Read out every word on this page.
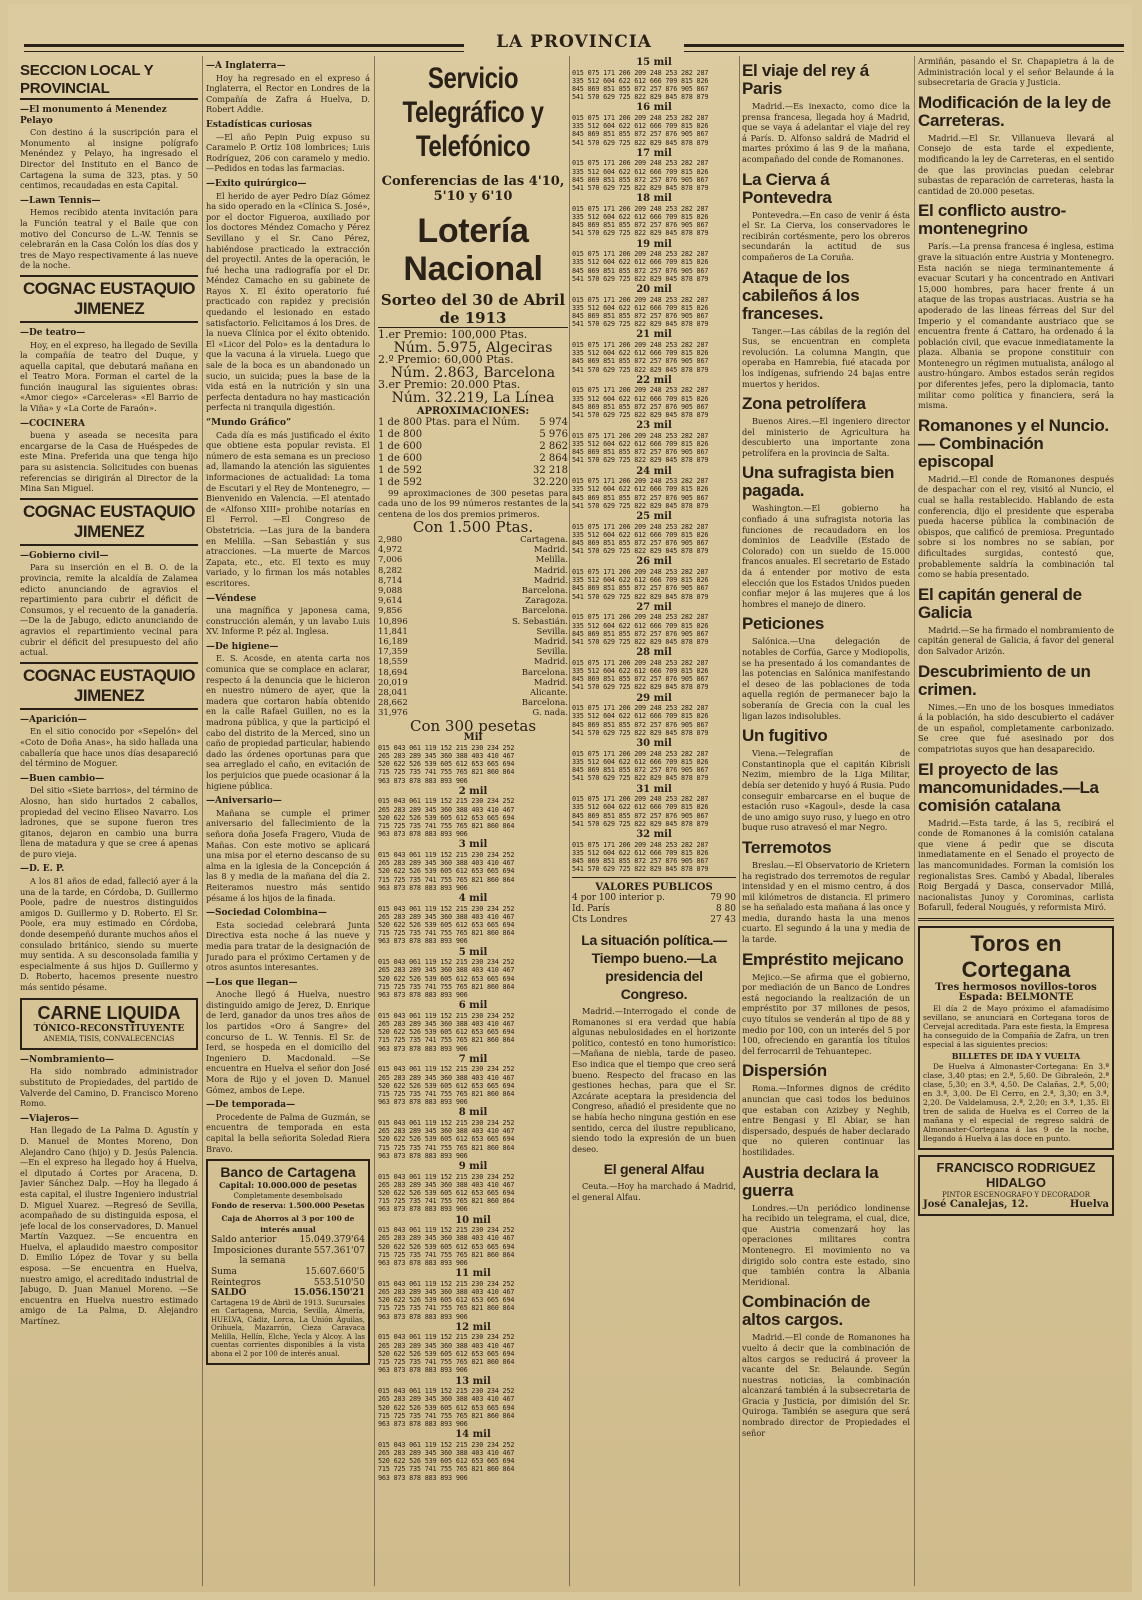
LA PROVINCIA
SECCION LOCAL Y PROVINCIAL
—El monumento á Menendez Pelayo

Con destino á la suscripción para el Monumento al insigne polígrafo Menéndez y Pelayo, ha ingresado el Director del Instituto en el Banco de Cartagena la suma de 323, ptas. y 50 centimos, recaudadas en esta Capital.

—Lawn Tennis—

Hemos recibido atenta invitación para la Función teatral y el Baile que con motivo del Concurso de L.-W. Tennis se celebrarán en la Casa Colón los días dos y tres de Mayo respectivamente á las nueve de la noche.

COGNAC EUSTAQUIO JIMENEZ
—De teatro—

Hoy, en el expreso, ha llegado de Sevilla la compañía de teatro del Duque, y aquella capital, que debutará mañana en el Teatro Mora. Forman el cartel de la función inaugural las siguientes obras: «Amor ciego» «Carceleras» «El Barrio de la Viña» y «La Corte de Faraón».

—COCINERA

buena y aseada se necesita para encargarse de la Casa de Huéspedes de este Mina. Preferida una que tenga hijo para su asistencia. Solicitudes con buenas referencias se dirigirán al Director de la Mina San Miguel.

COGNAC EUSTAQUIO JIMENEZ
—Gobierno civil—

Para su inserción en el B. O. de la provincia, remite la alcaldía de Zalamea edicto anunciando de agravios el repartimiento para cubrir el déficit de Consumos, y el recuento de la ganadería. —De la de Jabugo, edicto anunciando de agravios el repartimiento vecinal para cubrir el déficit del presupuesto del año actual.

COGNAC EUSTAQUIO JIMENEZ
—Aparición—

En el sitio conocido por «Sepelón» del «Coto de Doña Anas», ha sido hallada una caballería que hace unos días desapareció del término de Moguer.

—Buen cambio—

Del sitio «Siete barrios», del término de Alosno, han sido hurtados 2 caballos, propiedad del vecino Eliseo Navarro. Los ladrones, que se supone fueron tres gitanos, dejaron en cambio una burra llena de matadura y que se cree á apenas de puro vieja.

—D. E. P.

A los 81 años de edad, falleció ayer á la una de la tarde, en Córdoba, D. Guillermo Poole, padre de nuestros distinguidos amigos D. Guillermo y D. Roberto. El Sr. Poole, era muy estimado en Córdoba, donde desempeñó durante muchos años el consulado británico, siendo su muerte muy sentida. A su desconsolada familia y especialmente á sus hijos D. Guillermo y D. Roberto, hacemos presente nuestro más sentido pésame.

CARNE LIQUIDA
TÓNICO-RECONSTITUYENTE
ANEMIA, TISIS, CONVALECENCIAS
—Nombramiento—

Ha sido nombrado administrador substituto de Propiedades, del partido de Valverde del Camino, D. Francisco Moreno Romo.

—Viajeros—

Han llegado de La Palma D. Agustín y D. Manuel de Montes Moreno, Don Alejandro Cano (hijo) y D. Jesús Palencia. —En el expreso ha llegado hoy á Huelva, el diputado á Cortes por Aracena, D. Javier Sánchez Dalp. —Hoy ha llegado á esta capital, el ilustre Ingeniero industrial D. Miguel Xuarez. —Regresó de Sevilla, acompañado de su distinguida esposa, el jefe local de los conservadores, D. Manuel Martín Vazquez. —Se encuentra en Huelva, el aplaudido maestro compositor D. Emilio López de Tovar y su bella esposa. —Se encuentra en Huelva, nuestro amigo, el acreditado industrial de Jabugo, D. Juan Manuel Moreno. —Se encuentra en Huelva nuestro estimado amigo de La Palma, D. Alejandro Martínez.

—A Inglaterra—

Hoy ha regresado en el expreso á Inglaterra, el Rector en Londres de la Compañía de Zafra á Huelva, D. Robert Addie.

Estadísticas curiosas

—El año Pepin Puig expuso su Caramelo P. Ortiz 108 lombrices; Luis Rodríguez, 206 con caramelo y medio. —Pedidos en todas las farmacias.

—Exito quirúrgico—

El herido de ayer Pedro Díaz Gómez ha sido operado en la «Clínica S. José», por el doctor Figueroa, auxiliado por los doctores Méndez Comacho y Pérez Sevillano y el Sr. Cano Pérez, habiéndose practicado la extracción del proyectil. Antes de la operación, le fué hecha una radiografía por el Dr. Méndez Camacho en su gabinete de Rayos X. El éxito operatorio fué practicado con rapidez y precisión quedando el lesionado en estado satisfactorio. Felicitamos á los Dres. de la nueva Clínica por el éxito obtenido. El «Licor del Polo» es la dentadura lo que la vacuna á la viruela. Luego que sale de la boca es un abandonado un sucio, un suicida; pues la base de la vida está en la nutrición y sin una perfecta dentadura no hay masticación perfecta ni tranquila digestión.

“Mundo Gráfico”

Cada día es más justificado el éxito que obtiene esta popular revista. El número de esta semana es un precioso ad, llamando la atención las siguientes informaciones de actualidad: La toma de Escutari y el Rey de Montenegro, —Bienvenido en Valencia. —El atentado de «Alfonso XIII» prohibe notarías en El Ferrol. —El Congreso de Obstetricia. —Las jura de la bandera en Melilla. —San Sebastián y sus atracciones. —La muerte de Marcos Zapata, etc., etc. El texto es muy variado, y lo firman los más notables escritores.

—Véndese

una magnífica y japonesa cama, construcción alemán, y un lavabo Luis XV. Informe P. péz al. Inglesa.

—De higiene—

E. S. Acosde, en atenta carta nos comunica que se complace en aclarar, respecto á la denuncia que le hicieron en nuestro número de ayer, que la madera que cortaron había obtenido en la calle Rafael Guillen, no es la madrona pública, y que la participó el cabo del distrito de la Merced, sino un caño de propiedad particular, habiendo dado las órdenes oportunas para que sea arreglado el caño, en evitación de los perjuicios que puede ocasionar á la higiene pública.

—Aniversario—

Mañana se cumple el primer aniversario del fallecimiento de la señora doña Josefa Fragero, Viuda de Mañas. Con este motivo se aplicará una misa por el eterno descanso de su alma en la iglesia de la Concepción á las 8 y media de la mañana del día 2. Reiteramos nuestro más sentido pésame á los hijos de la finada.

—Sociedad Colombina—

Esta sociedad celebrará Junta Directiva esta noche á las nueve y media para tratar de la designación de Jurado para el próximo Certamen y de otros asuntos interesantes.

—Los que llegan—

Anoche llegó á Huelva, nuestro distinguido amigo de Jerez, D. Enrique de Ierd, ganador da unos tres años de los partidos «Oro á Sangre» del concurso de L. W. Tennis. El Sr. de Ierd, se hospeda en el domicilio del Ingeniero D. Macdonald. —Se encuentra en Huelva el señor don José Mora de Rijo y el joven D. Manuel Gómez, ambos de Lepe.

—De temporada—

Procedente de Palma de Guzmán, se encuentra de temporada en esta capital la bella señorita Soledad Riera Bravo.

Banco de Cartagena
Capital: 10.000.000 de pesetas
Completamente desembolsado
Fondo de reserva: 1.500.000 Pesetas
Caja de Ahorros al 3 por 100 de interés anual
Saldo anterior	15.049.379'64
Imposiciones durante la semana
557.361'07
Suma	15.607.660'5
Reintegros	553.510'50
SALDO	15.056.150'21

Cartagena 19 de Abril de 1913. Sucursales en Cartagena, Murcia, Sevilla, Almería, HUELVA, Cádiz, Lorca, La Unión Águilas, Orihuela, Mazarrón, Cieza Caravaca Melilla, Hellín, Elche, Yecla y Alcoy. A las cuentas corrientes disponibles á la vista abona el 2 por 100 de interés anual.

Servicio Telegráfico y Telefónico
Conferencias de las 4'10, 5'10 y 6'10
Lotería Nacional
Sorteo del 30 de Abril de 1913
1.er Premio: 100,000 Ptas.
Núm. 5.975, Algeciras
2.º Premio: 60,000 Ptas.
Núm. 2.863, Barcelona
3.er Premio: 20.000 Ptas.
Núm. 32.219, La Línea
APROXIMACIONES:
1 de 800 Ptas. para el Núm. 5 974
1 de 800	5 976
1 de 600	2 862
1 de 600	2 864
1 de 592	32 218
1 de 592	32.220

99 aproximaciones de 300 pesetas para cada uno de los 99 números restantes de la centena de los dos premios primeros.

Con 1.500 Ptas.
2,980	Cartagena.
4,972	Madrid.
7,006	Melilla.
8,282	Madrid.
8,714	Madrid.
9,088	Barcelona.
9,614	Zaragoza.
9,856	Barcelona.
10,896	S. Sebastián.
11,841	Sevilla.
16,189	Madrid.
17,359	Sevilla.
18,559	Madrid.
18,694	Barcelona.
20,019	Madrid.
28,041	Alicante.
28,662	Barcelona.
31,976	G. nada.
Con 300 pesetas
Mil
015 043 061 119 152 215 230 234 252
265 283 289 345 360 388 403 410 467
520 622 526 539 605 612 653 665 694
715 725 735 741 755 765 821 860 864
963 873 878 883 893 906
2 mil
015 043 061 119 152 215 230 234 252
265 283 289 345 360 388 403 410 467
520 622 526 539 605 612 653 665 694
715 725 735 741 755 765 821 860 864
963 873 878 883 893 906
3 mil
015 043 061 119 152 215 230 234 252
265 283 289 345 360 388 403 410 467
520 622 526 539 605 612 653 665 694
715 725 735 741 755 765 821 860 864
963 873 878 883 893 906
4 mil
015 043 061 119 152 215 230 234 252
265 283 289 345 360 388 403 410 467
520 622 526 539 605 612 653 665 694
715 725 735 741 755 765 821 860 864
963 873 878 883 893 906
5 mil
015 043 061 119 152 215 230 234 252
265 283 289 345 360 388 403 410 467
520 622 526 539 605 612 653 665 694
715 725 735 741 755 765 821 860 864
963 873 878 883 893 906
6 mil
015 043 061 119 152 215 230 234 252
265 283 289 345 360 388 403 410 467
520 622 526 539 605 612 653 665 694
715 725 735 741 755 765 821 860 864
963 873 878 883 893 906
7 mil
015 043 061 119 152 215 230 234 252
265 283 289 345 360 388 403 410 467
520 622 526 539 605 612 653 665 694
715 725 735 741 755 765 821 860 864
963 873 878 883 893 906
8 mil
015 043 061 119 152 215 230 234 252
265 283 289 345 360 388 403 410 467
520 622 526 539 605 612 653 665 694
715 725 735 741 755 765 821 860 864
963 873 878 883 893 906
9 mil
015 043 061 119 152 215 230 234 252
265 283 289 345 360 388 403 410 467
520 622 526 539 605 612 653 665 694
715 725 735 741 755 765 821 860 864
963 873 878 883 893 906
10 mil
015 043 061 119 152 215 230 234 252
265 283 289 345 360 388 403 410 467
520 622 526 539 605 612 653 665 694
715 725 735 741 755 765 821 860 864
963 873 878 883 893 906
11 mil
015 043 061 119 152 215 230 234 252
265 283 289 345 360 388 403 410 467
520 622 526 539 605 612 653 665 694
715 725 735 741 755 765 821 860 864
963 873 878 883 893 906
12 mil
015 043 061 119 152 215 230 234 252
265 283 289 345 360 388 403 410 467
520 622 526 539 605 612 653 665 694
715 725 735 741 755 765 821 860 864
963 873 878 883 893 906
13 mil
015 043 061 119 152 215 230 234 252
265 283 289 345 360 388 403 410 467
520 622 526 539 605 612 653 665 694
715 725 735 741 755 765 821 860 864
963 873 878 883 893 906
14 mil
015 043 061 119 152 215 230 234 252
265 283 289 345 360 388 403 410 467
520 622 526 539 605 612 653 665 694
715 725 735 741 755 765 821 860 864
963 873 878 883 893 906
15 mil
015 075 171 206 209 248 253 282 287
335 512 604 622 612 666 709 815 826
845 869 851 855 872 257 876 905 867
541 570 629 725 822 829 845 878 879
16 mil
015 075 171 206 209 248 253 282 287
335 512 604 622 612 666 709 815 826
845 869 851 855 872 257 876 905 867
541 570 629 725 822 829 845 878 879
17 mil
015 075 171 206 209 248 253 282 287
335 512 604 622 612 666 709 815 826
845 869 851 855 872 257 876 905 867
541 570 629 725 822 829 845 878 879
18 mil
015 075 171 206 209 248 253 282 287
335 512 604 622 612 666 709 815 826
845 869 851 855 872 257 876 905 867
541 570 629 725 822 829 845 878 879
19 mil
015 075 171 206 209 248 253 282 287
335 512 604 622 612 666 709 815 826
845 869 851 855 872 257 876 905 867
541 570 629 725 822 829 845 878 879
20 mil
015 075 171 206 209 248 253 282 287
335 512 604 622 612 666 709 815 826
845 869 851 855 872 257 876 905 867
541 570 629 725 822 829 845 878 879
21 mil
015 075 171 206 209 248 253 282 287
335 512 604 622 612 666 709 815 826
845 869 851 855 872 257 876 905 867
541 570 629 725 822 829 845 878 879
22 mil
015 075 171 206 209 248 253 282 287
335 512 604 622 612 666 709 815 826
845 869 851 855 872 257 876 905 867
541 570 629 725 822 829 845 878 879
23 mil
015 075 171 206 209 248 253 282 287
335 512 604 622 612 666 709 815 826
845 869 851 855 872 257 876 905 867
541 570 629 725 822 829 845 878 879
24 mil
015 075 171 206 209 248 253 282 287
335 512 604 622 612 666 709 815 826
845 869 851 855 872 257 876 905 867
541 570 629 725 822 829 845 878 879
25 mil
015 075 171 206 209 248 253 282 287
335 512 604 622 612 666 709 815 826
845 869 851 855 872 257 876 905 867
541 570 629 725 822 829 845 878 879
26 mil
015 075 171 206 209 248 253 282 287
335 512 604 622 612 666 709 815 826
845 869 851 855 872 257 876 905 867
541 570 629 725 822 829 845 878 879
27 mil
015 075 171 206 209 248 253 282 287
335 512 604 622 612 666 709 815 826
845 869 851 855 872 257 876 905 867
541 570 629 725 822 829 845 878 879
28 mil
015 075 171 206 209 248 253 282 287
335 512 604 622 612 666 709 815 826
845 869 851 855 872 257 876 905 867
541 570 629 725 822 829 845 878 879
29 mil
015 075 171 206 209 248 253 282 287
335 512 604 622 612 666 709 815 826
845 869 851 855 872 257 876 905 867
541 570 629 725 822 829 845 878 879
30 mil
015 075 171 206 209 248 253 282 287
335 512 604 622 612 666 709 815 826
845 869 851 855 872 257 876 905 867
541 570 629 725 822 829 845 878 879
31 mil
015 075 171 206 209 248 253 282 287
335 512 604 622 612 666 709 815 826
845 869 851 855 872 257 876 905 867
541 570 629 725 822 829 845 878 879
32 mil
015 075 171 206 209 248 253 282 287
335 512 604 622 612 666 709 815 826
845 869 851 855 872 257 876 905 867
541 570 629 725 822 829 845 878 879
VALORES PUBLICOS
4 por 100 interior p.	79 90
Id. París	8 80
Cts Londres	27 43
La situación política.— Tiempo bueno.—La presidencia del Congreso.

Madrid.—Interrogado el conde de Romanones si era verdad que había algunas nebulosidades en el horizonte político, contestó en tono humorístico: —Mañana de niebla, tarde de paseo. Eso indica que el tiempo que creo será bueno. Respecto del fracaso en las gestiones hechas, para que el Sr. Azcárate aceptara la presidencia del Congreso, añadió el presidente que no se había hecho ninguna gestión en ese sentido, cerca del ilustre republicano, siendo todo la expresión de un buen deseo.

El general Alfau

Ceuta.—Hoy ha marchado á Madrid, el general Alfau.

El viaje del rey á Paris

Madrid.—Es inexacto, como dice la prensa francesa, llegada hoy á Madrid, que se vaya á adelantar el viaje del rey á París. D. Alfonso saldrá de Madrid el martes próximo á las 9 de la mañana, acompañado del conde de Romanones.

La Cierva á Pontevedra

Pontevedra.—En caso de venir á ésta el Sr. La Cierva, los conservadores le recibirán cortésmente, pero los obreros secundarán la actitud de sus compañeros de La Coruña.

Ataque de los cabileños á los franceses.

Tanger.—Las cábilas de la región del Sus, se encuentran en completa revolución. La columna Mangin, que operaba en Hamrebia, fué atacada por los indígenas, sufriendo 24 bajas entre muertos y heridos.

Zona petrolífera

Buenos Aires.—El ingeniero director del ministerio de Agricultura ha descubierto una importante zona petrolífera en la provincia de Salta.

Una sufragista bien pagada.

Washington.—El gobierno ha confiado á una sufragista notoria las funciones de recaudadora en los dominios de Leadville (Estado de Colorado) con un sueldo de 15.000 francos anuales. El secretario de Estado da á entender por motivo de esta elección que los Estados Unidos pueden confiar mejor á las mujeres que á los hombres el manejo de dinero.

Peticiones

Salónica.—Una delegación de notables de Corfúa, Garce y Modiopolis, se ha presentado á los comandantes de las potencias en Salónica manifestando el deseo de las poblaciones de toda aquella región de permanecer bajo la soberanía de Grecia con la cual les ligan lazos indisolubles.

Un fugitivo

Viena.—Telegrafían de Constantinopla que el capitán Kibrisli Nezim, miembro de la Liga Militar, debía ser detenido y huyó á Rusia. Pudo conseguir embarcarse en el buque de estación ruso «Kagoul», desde la casa de uno amigo suyo ruso, y luego en otro buque ruso atravesó el mar Negro.

Terremotos

Breslau.—El Observatorio de Krietern ha registrado dos terremotos de regular intensidad y en el mismo centro, á dos mil kilómetros de distancia. El primero se ha señalado esta mañana á las once y media, durando hasta la una menos cuarto. El segundo á la una y media de la tarde.

Empréstito mejicano

Mejico.—Se afirma que el gobierno, por mediación de un Banco de Londres está negociando la realización de un empréstito por 37 millones de pesos, cuyo títulos se venderán al tipo de 88 y medio por 100, con un interés del 5 por 100, ofreciendo en garantía los títulos del ferrocarril de Tehuantepec.

Dispersión

Roma.—Informes dignos de crédito anuncian que casi todos los beduinos que estaban con Azizbey y Neghib, entre Bengasi y El Abiar, se han dispersado, después de haber declarado que no quieren continuar las hostilidades.

Austria declara la guerra

Londres.—Un periódico londinense ha recibido un telegrama, el cual, dice, que Austria comenzará hoy las operaciones militares contra Montenegro. El movimiento no va dirigido solo contra este estado, sino que también contra la Albania Meridional.

Combinación de altos cargos.

Madrid.—El conde de Romanones ha vuelto á decir que la combinación de altos cargos se reducirá á proveer la vacante del Sr. Belaunde. Según nuestras noticias, la combinación alcanzará también á la subsecretaria de Gracia y Justicia, por dimisión del Sr. Quiroga. También se asegura que será nombrado director de Propiedades el señor

Armiñán, pasando el Sr. Chapapietra á la de Administración local y el señor Belaunde á la subsecretaria de Gracia y Justicia.

Modificación de la ley de Carreteras.

Madrid.—El Sr. Villanueva llevará al Consejo de esta tarde el expediente, modificando la ley de Carreteras, en el sentido de que las provincias puedan celebrar subastas de reparación de carreteras, hasta la cantidad de 20.000 pesetas.

El conflicto austro-montenegrino

París.—La prensa francesa é inglesa, estima grave la situación entre Austria y Montenegro. Esta nación se niega terminantemente á evacuar Scutari y ha concentrado en Antivari 15,000 hombres, para hacer frente á un ataque de las tropas austriacas. Austria se ha apoderado de las líneas férreas del Sur del Imperio y el comandante austriaco que se encuentra frente á Cattaro, ha ordenado á la población civil, que evacue inmediatamente la plaza. Albania se propone constituir con Montenegro un régimen mutualista, análogo al austro-húngaro. Ambos estados serán regidos por diferentes jefes, pero la diplomacia, tanto militar como política y financiera, será la misma.

Romanones y el Nuncio.— Combinación episcopal

Madrid.—El conde de Romanones después de despachar con el rey, visitó al Nuncio, el cual se halla restablecido. Hablando de esta conferencia, dijo el presidente que esperaba pueda hacerse pública la combinación de obispos, que calificó de premiosa. Preguntado sobre si los nombres no se sabían, por dificultades surgidas, contestó que, probablemente saldría la combinación tal como se había presentado.

El capitán general de Galicia

Madrid.—Se ha firmado el nombramiento de capitán general de Galicia, á favor del general don Salvador Arizón.

Descubrimiento de un crimen.

Nimes.—En uno de los bosques inmediatos á la población, ha sido descubierto el cadáver de un español, completamente carbonizado. Se cree que fué asesinado por dos compatriotas suyos que han desaparecido.

El proyecto de las mancomunidades.—La comisión catalana

Madrid.—Esta tarde, á las 5, recibirá el conde de Romanones á la comisión catalana que viene á pedir que se discuta inmediatamente en el Senado el proyecto de las mancomunidades. Forman la comisión los regionalistas Sres. Cambó y Abadal, liberales Roig Bergadá y Dasca, conservador Millá, nacionalistas Junoy y Corominas, carlista Bofarull, federal Nougués, y reformista Miró.

Toros en Cortegana
Tres hermosos novillos-toros
Espada: BELMONTE

El día 2 de Mayo próximo el afamadísimo sevillano, se anunciará en Cortegana toros de Cervejal acreditada. Para este fiesta, la Empresa ha conseguido de la Compañía de Zafra, un tren especial á las siguientes precios:

BILLETES DE IDA Y VUELTA

De Huelva á Almonaster-Cortegana: En 3.ª clase, 3,40 ptas; en 2.ª, 5,60. De Gibraleón, 2.ª clase, 5,30; en 3.ª, 4,50. De Calañas, 2.ª, 5,00; en 3.ª, 3,00. De El Cerro, en 2.ª, 3,30; en 3.ª, 2,20. De Valdelamusa, 2.ª, 2,20; en 3.ª, 1,35. El tren de salida de Huelva es el Correo de la mañana y el especial de regreso saldrá de Almonaster-Cortegana á las 9 de la noche, llegando á Huelva á las doce en punto.

FRANCISCO RODRIGUEZ HIDALGO
PINTOR ESCENOGRAFO Y DECORADOR
José Canalejas, 12.	Huelva
